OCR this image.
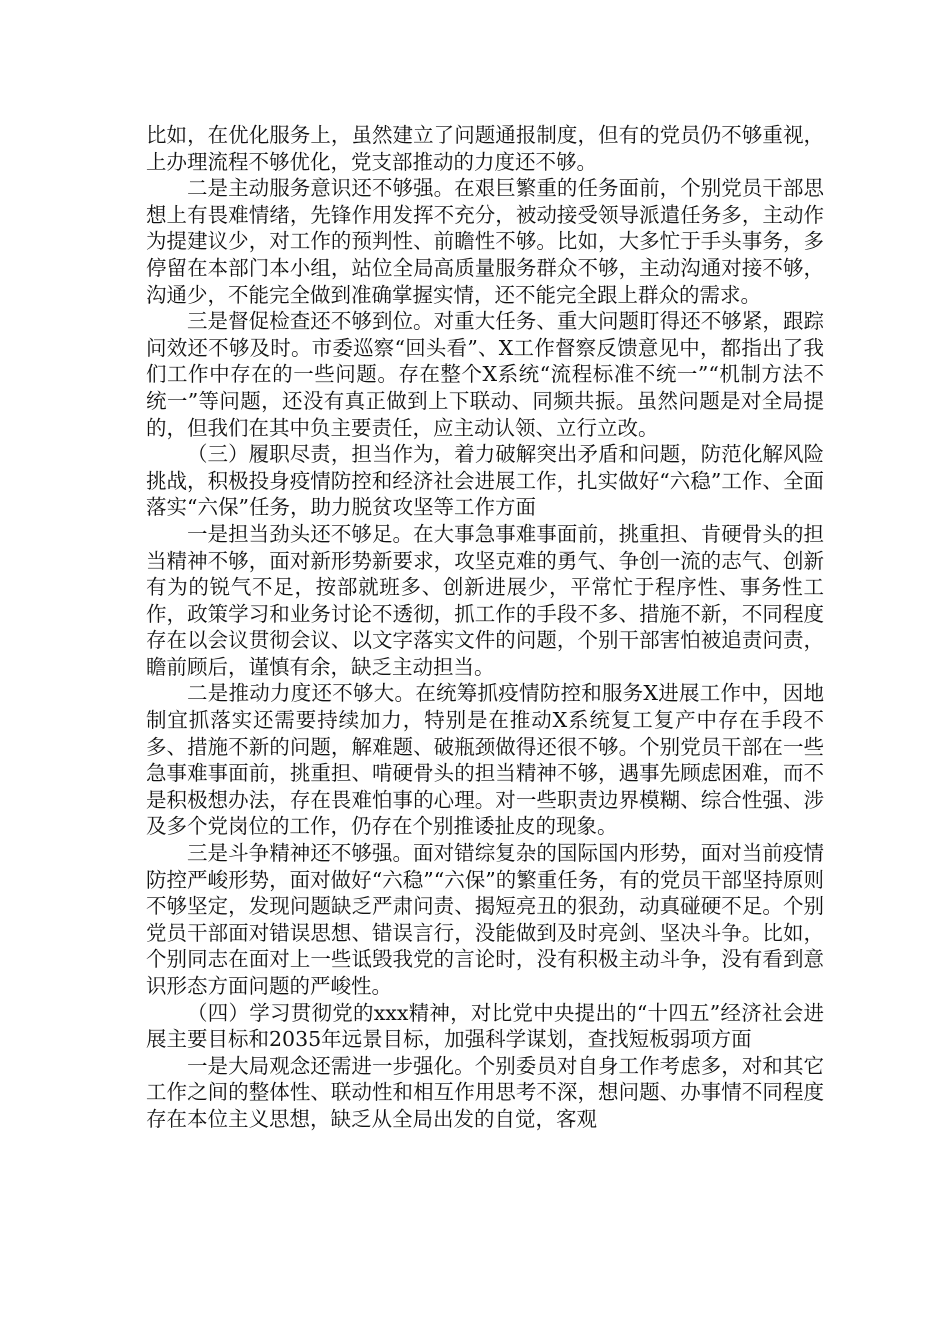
比如，在优化服务上，虽然建立了问题通报制度，但有的党员仍不够重视，上办理流程不够优化，党支部推动的力度还不够。

二是主动服务意识还不够强。在艰巨繁重的任务面前，个别党员干部思想上有畏难情绪，先锋作用发挥不充分，被动接受领导派遣任务多，主动作为提建议少，对工作的预判性、前瞻性不够。比如，大多忙于手头事务，多停留在本部门本小组，站位全局高质量服务群众不够，主动沟通对接不够，沟通少，不能完全做到准确掌握实情，还不能完全跟上群众的需求。

三是督促检查还不够到位。对重大任务、重大问题盯得还不够紧，跟踪问效还不够及时。市委巡察“回头看”、X工作督察反馈意见中，都指出了我们工作中存在的一些问题。存在整个X系统“流程标准不统一”“机制方法不统一”等问题，还没有真正做到上下联动、同频共振。虽然问题是对全局提的，但我们在其中负主要责任，应主动认领、立行立改。

（三）履职尽责，担当作为，着力破解突出矛盾和问题，防范化解风险挑战，积极投身疫情防控和经济社会进展工作，扎实做好“六稳”工作、全面落实“六保”任务，助力脱贫攻坚等工作方面

一是担当劲头还不够足。在大事急事难事面前，挑重担、肯硬骨头的担当精神不够，面对新形势新要求，攻坚克难的勇气、争创一流的志气、创新有为的锐气不足，按部就班多、创新进展少，平常忙于程序性、事务性工作，政策学习和业务讨论不透彻，抓工作的手段不多、措施不新，不同程度存在以会议贯彻会议、以文字落实文件的问题，个别干部害怕被追责问责，瞻前顾后，谨慎有余，缺乏主动担当。

二是推动力度还不够大。在统筹抓疫情防控和服务X进展工作中，因地制宜抓落实还需要持续加力，特别是在推动X系统复工复产中存在手段不多、措施不新的问题，解难题、破瓶颈做得还很不够。个别党员干部在一些急事难事面前，挑重担、啃硬骨头的担当精神不够，遇事先顾虑困难，而不是积极想办法，存在畏难怕事的心理。对一些职责边界模糊、综合性强、涉及多个党岗位的工作，仍存在个别推诿扯皮的现象。

三是斗争精神还不够强。面对错综复杂的国际国内形势，面对当前疫情防控严峻形势，面对做好“六稳”“六保”的繁重任务，有的党员干部坚持原则不够坚定，发现问题缺乏严肃问责、揭短亮丑的狠劲，动真碰硬不足。个别党员干部面对错误思想、错误言行，没能做到及时亮剑、坚决斗争。比如，个别同志在面对上一些诋毁我党的言论时，没有积极主动斗争，没有看到意识形态方面问题的严峻性。

（四）学习贯彻党的xxx精神，对比党中央提出的“十四五”经济社会进展主要目标和2035年远景目标，加强科学谋划，查找短板弱项方面

一是大局观念还需进一步强化。个别委员对自身工作考虑多，对和其它工作之间的整体性、联动性和相互作用思考不深，想问题、办事情不同程度存在本位主义思想，缺乏从全局出发的自觉，客观
